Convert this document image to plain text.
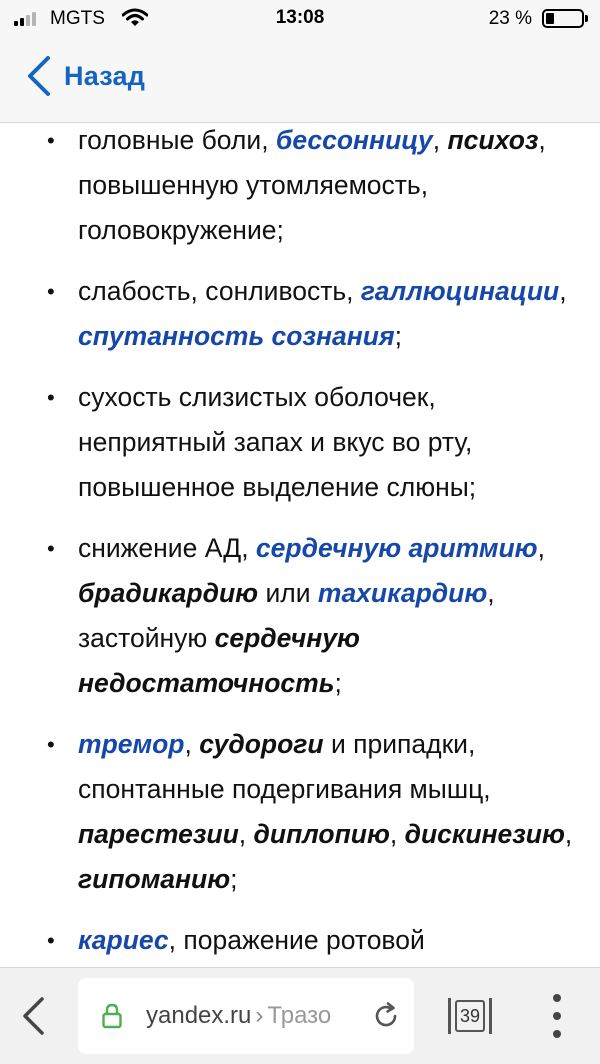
MGTS	13:08	23 %
Назад
• головные боли, бессонницу, психоз, повышенную утомляемость, головокружение;
• слабость, сонливость, галлюцинации, спутанность сознания;
• сухость слизистых оболочек, неприятный запах и вкус во рту, повышенное выделение слюны;
• снижение АД, сердечную аритмию, брадикардию или тахикардию, застойную сердечную недостаточность;
• тремор, судороги и припадки, спонтанные подергивания мышц, парестезии, диплопию, дискинезию, гипоманию;
• кариес, поражение ротовой
yandex.ru › Тразо	39
